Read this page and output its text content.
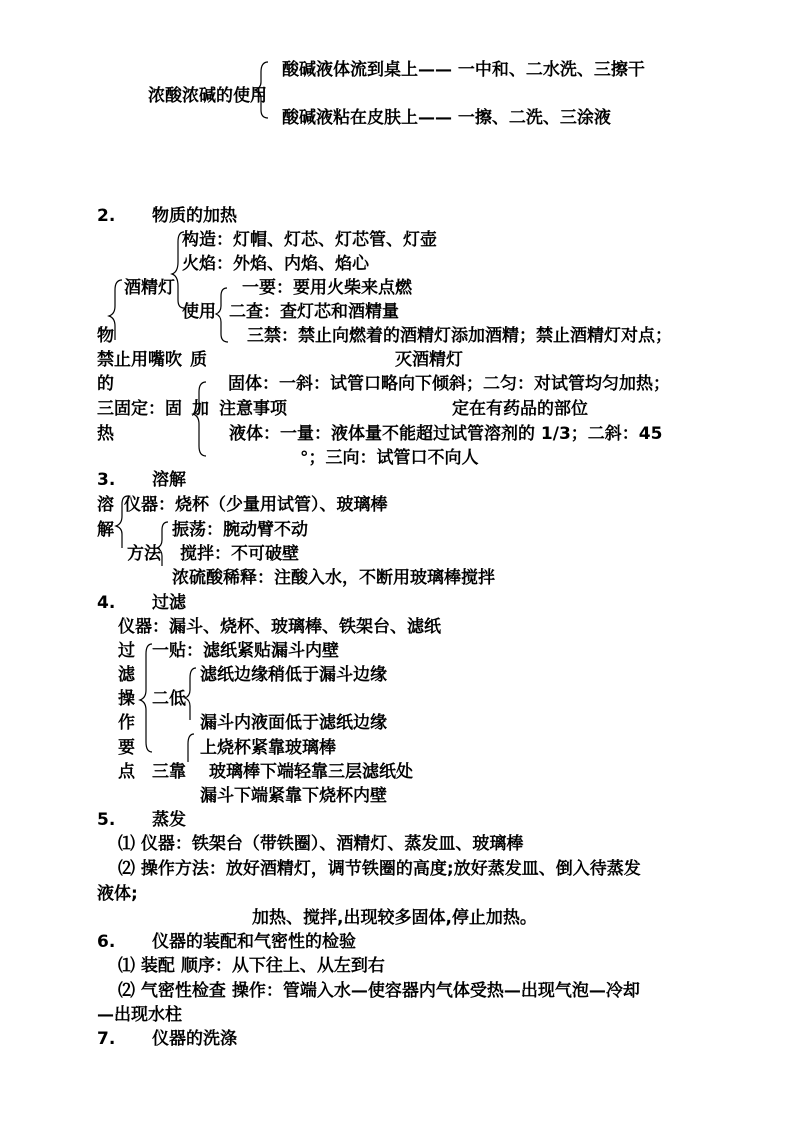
酸碱液体流到桌上—— 一中和、二水洗、三擦干
浓酸浓碱的使用
酸碱液粘在皮肤上—— 一擦、二洗、三涂液
2. 物质的加热
构造：灯帽、灯芯、灯芯管、灯壶
火焰：外焰、内焰、焰心
酒精灯	一要：要用火柴来点燃
使用 二查：查灯芯和酒精量
物	三禁：禁止向燃着的酒精灯添加酒精；禁止酒精灯对点；
禁止用嘴吹 质	灭酒精灯
的	固体：一斜：试管口略向下倾斜；二匀：对试管均匀加热；
三固定：固 加 注意事项	定在有药品的部位
热	液体：一量：液体量不能超过试管溶剂的 1/3；二斜：45
°；三向：试管口不向人
3. 溶解
溶 仪器：烧杯（少量用试管）、玻璃棒
解	振荡：腕动臂不动
方法 搅拌：不可破壁
浓硫酸稀释：注酸入水，不断用玻璃棒搅拌
4. 过滤
仪器：漏斗、烧杯、玻璃棒、铁架台、滤纸
过 一贴：滤纸紧贴漏斗内壁
滤	滤纸边缘稍低于漏斗边缘
操 二低
作	漏斗内液面低于滤纸边缘
要	上烧杯紧靠玻璃棒
点 三靠 玻璃棒下端轻靠三层滤纸处
漏斗下端紧靠下烧杯内壁
5. 蒸发
⑴ 仪器：铁架台（带铁圈）、酒精灯、蒸发皿、玻璃棒
⑵ 操作方法：放好酒精灯，调节铁圈的高度;放好蒸发皿、倒入待蒸发
液体;
加热、搅拌,出现较多固体,停止加热。
6. 仪器的装配和气密性的检验
⑴ 装配 顺序：从下往上、从左到右
⑵ 气密性检查 操作：管端入水—使容器内气体受热—出现气泡—冷却
—出现水柱
7. 仪器的洗涤
